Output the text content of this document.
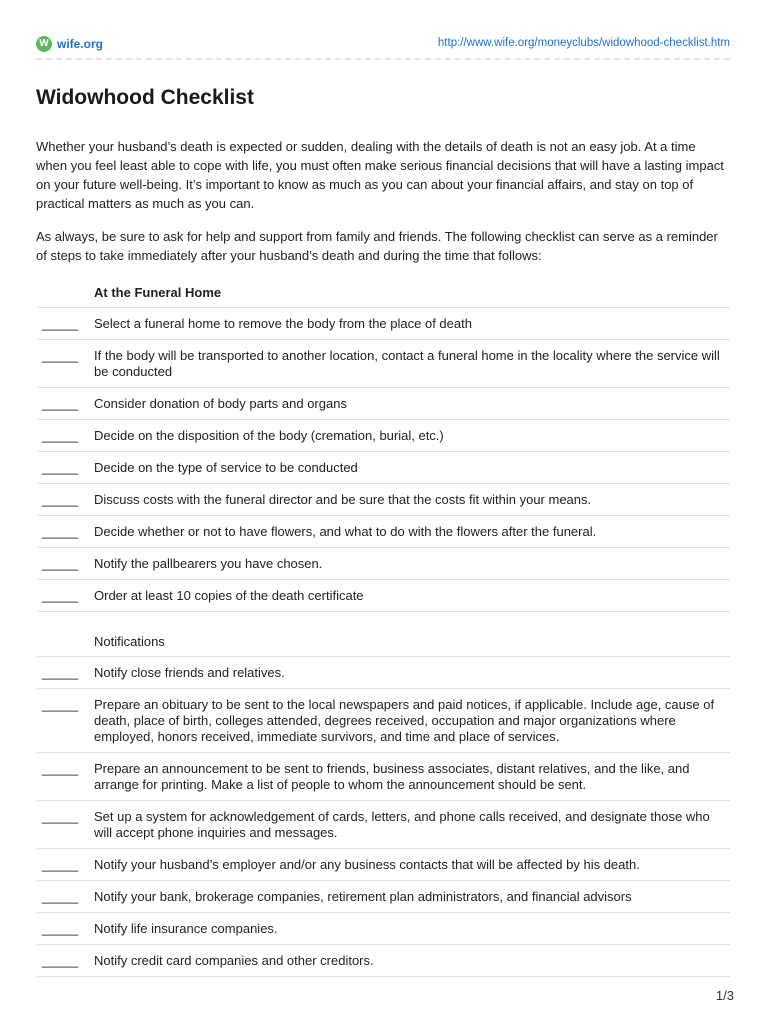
W wife.org	http://www.wife.org/moneyclubs/widowhood-checklist.htm
Widowhood Checklist

Whether your husband’s death is expected or sudden, dealing with the details of death is not an easy job. At a time when you feel least able to cope with life, you must often make serious financial decisions that will have a lasting impact on your future well-being. It’s important to know as much as you can about your financial affairs, and stay on top of practical matters as much as you can.

As always, be sure to ask for help and support from family and friends. The following checklist can serve as a reminder of steps to take immediately after your husband’s death and during the time that follows:

At the Funeral Home
_____	Select a funeral home to remove the body from the place of death
_____	If the body will be transported to another location, contact a funeral home in the locality where the service will be conducted
_____	Consider donation of body parts and organs
_____	Decide on the disposition of the body (cremation, burial, etc.)
_____	Decide on the type of service to be conducted
_____	Discuss costs with the funeral director and be sure that the costs fit within your means.
_____	Decide whether or not to have flowers, and what to do with the flowers after the funeral.
_____	Notify the pallbearers you have chosen.
_____	Order at least 10 copies of the death certificate
Notifications
_____	Notify close friends and relatives.
_____	Prepare an obituary to be sent to the local newspapers and paid notices, if applicable. Include age, cause of death, place of birth, colleges attended, degrees received, occupation and major organizations where employed, honors received, immediate survivors, and time and place of services.
_____	Prepare an announcement to be sent to friends, business associates, distant relatives, and the like, and arrange for printing. Make a list of people to whom the announcement should be sent.
_____	Set up a system for acknowledgement of cards, letters, and phone calls received, and designate those who will accept phone inquiries and messages.
_____	Notify your husband’s employer and/or any business contacts that will be affected by his death.
_____	Notify your bank, brokerage companies, retirement plan administrators, and financial advisors
_____	Notify life insurance companies.
_____	Notify credit card companies and other creditors.
1/3
